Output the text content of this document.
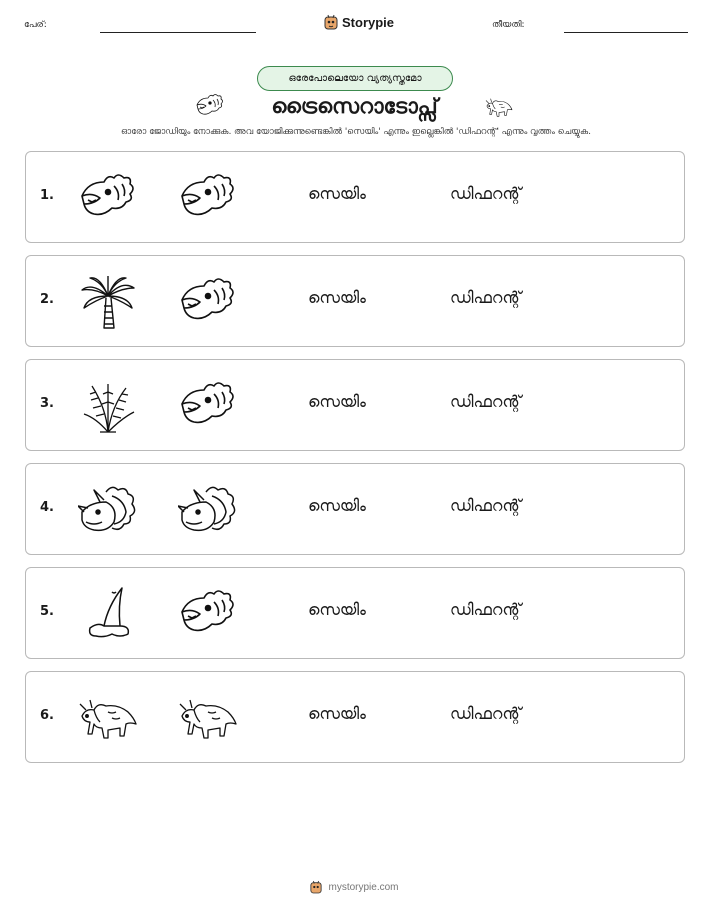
പേര്:	Storypie	തീയതി:
ഒരേപോലെയോ വ്യത്യസ്തമോ
ട്രൈസെറാടോപ്സ്
ഓരോ ജോഡിയും നോക്കുക. അവ യോജിക്കുന്നുണ്ടെങ്കിൽ 'സെയിം' എന്നും ഇല്ലെങ്കിൽ 'ഡിഫറന്റ്' എന്നും വൃത്തം ചെയ്യുക.
1.	സെയിം	ഡിഫറന്റ്
2.	സെയിം	ഡിഫറന്റ്
3.	സെയിം	ഡിഫറന്റ്
4.	സെയിം	ഡിഫറന്റ്
5.	സെയിം	ഡിഫറന്റ്
6.	സെയിം	ഡിഫറന്റ്
mystorypie.com
